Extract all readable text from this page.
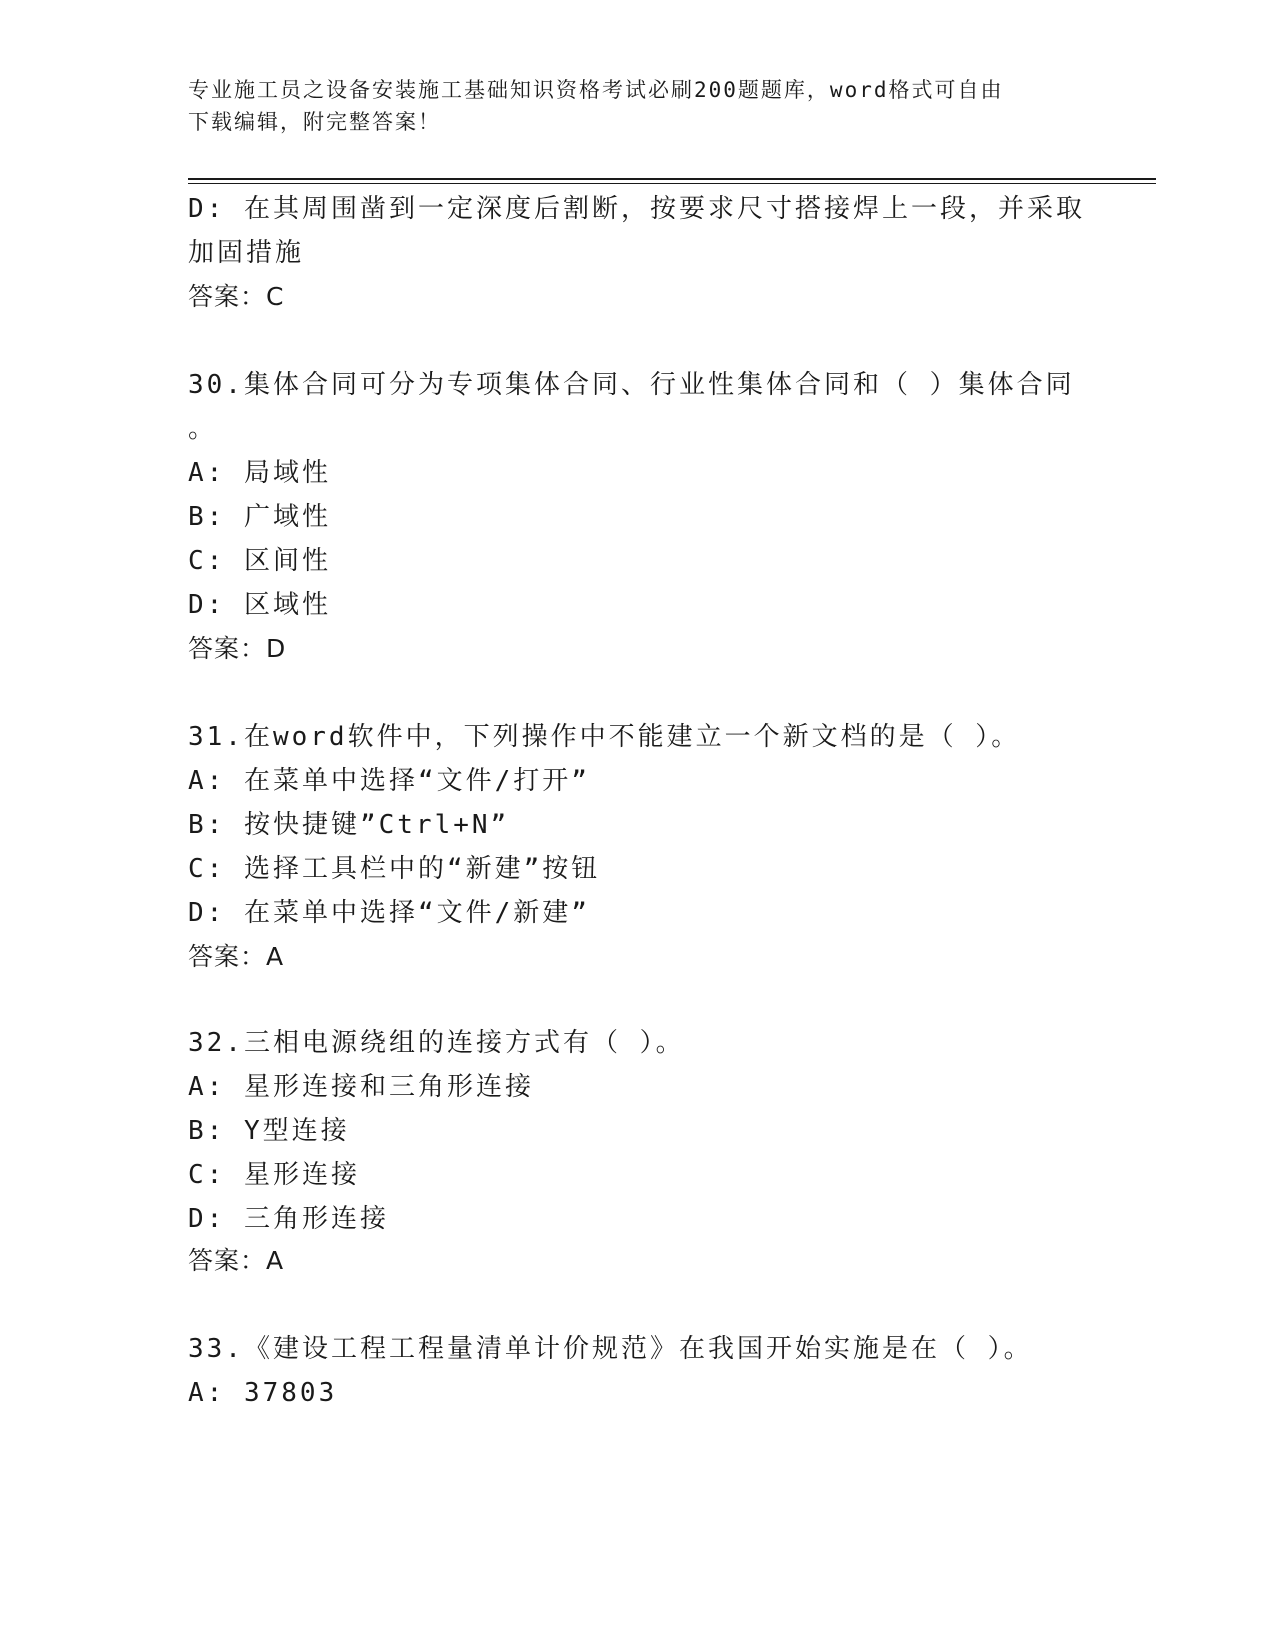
专业施工员之设备安装施工基础知识资格考试必刷200题题库，word格式可自由
下载编辑，附完整答案！
D: 在其周围凿到一定深度后割断，按要求尺寸搭接焊上一段，并采取
加固措施
答案：C
30.集体合同可分为专项集体合同、行业性集体合同和（ ）集体合同
。
A: 局域性
B: 广域性
C: 区间性
D: 区域性
答案：D
31.在word软件中，下列操作中不能建立一个新文档的是（ ）。
A: 在菜单中选择“文件/打开”
B: 按快捷键”Ctrl+N”
C: 选择工具栏中的“新建”按钮
D: 在菜单中选择“文件/新建”
答案：A
32.三相电源绕组的连接方式有（ ）。
A: 星形连接和三角形连接
B: Y型连接
C: 星形连接
D: 三角形连接
答案：A
33.《建设工程工程量清单计价规范》在我国开始实施是在（ ）。
A: 37803
